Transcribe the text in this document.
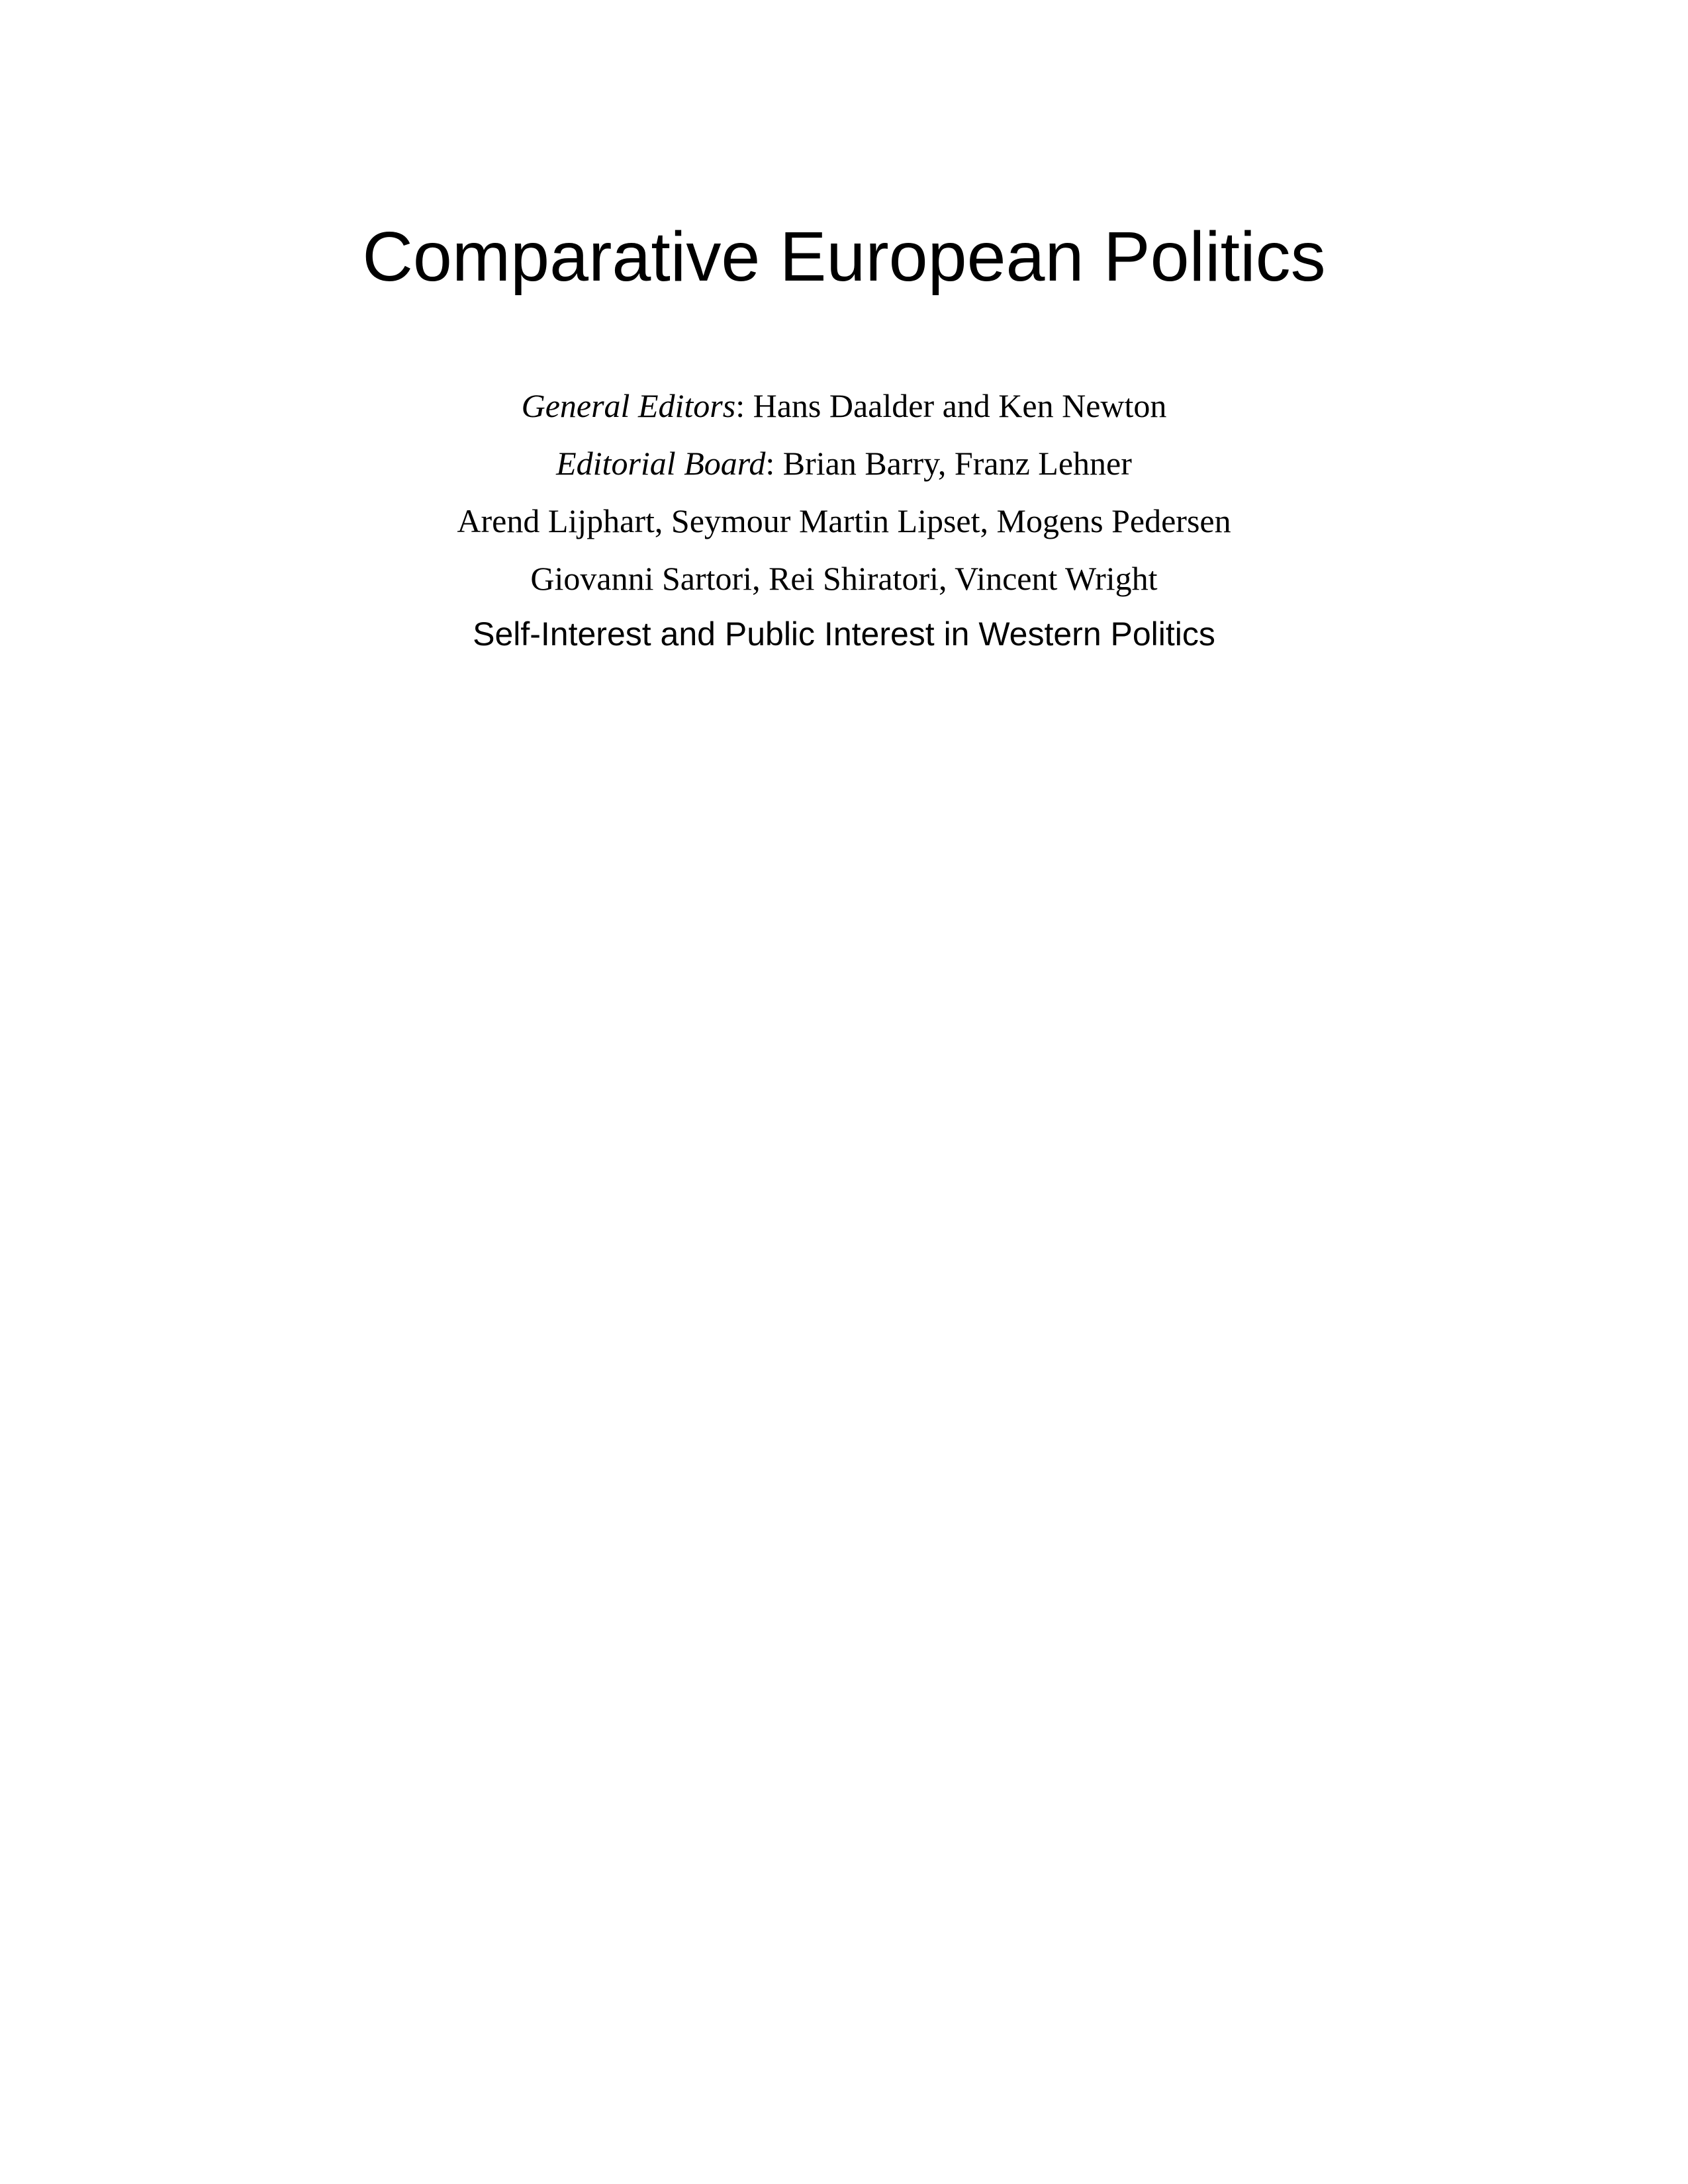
Comparative European Politics
General Editors: Hans Daalder and Ken Newton
Editorial Board: Brian Barry, Franz Lehner
Arend Lijphart, Seymour Martin Lipset, Mogens Pedersen
Giovanni Sartori, Rei Shiratori, Vincent Wright
Self-Interest and Public Interest in Western Politics
